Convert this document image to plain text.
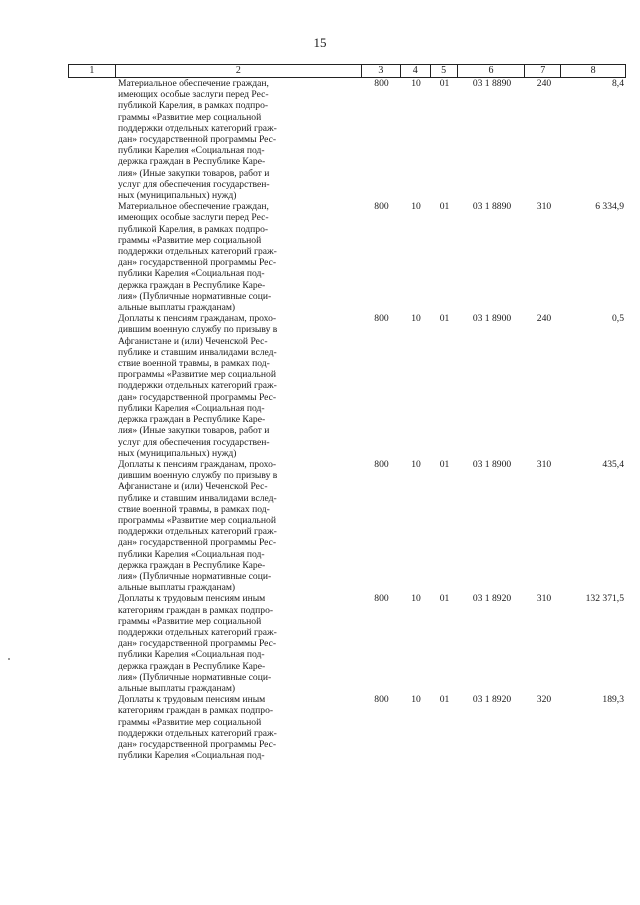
15
1	2	3	4	5	6	7	8
Материальное обеспечение граждан,
имеющих особые заслуги перед Рес-
публикой Карелия, в рамках подпро-
граммы «Развитие мер социальной
поддержки отдельных категорий граж-
дан» государственной программы Рес-
публики Карелия «Социальная под-
держка граждан в Республике Каре-
лия» (Иные закупки товаров, работ и
услуг для обеспечения государствен-
ных (муниципальных) нужд)
800	10	01	03 1 8890	240	8,4
Материальное обеспечение граждан,
имеющих особые заслуги перед Рес-
публикой Карелия, в рамках подпро-
граммы «Развитие мер социальной
поддержки отдельных категорий граж-
дан» государственной программы Рес-
публики Карелия «Социальная под-
держка граждан в Республике Каре-
лия» (Публичные нормативные соци-
альные выплаты гражданам)
800	10	01	03 1 8890	310	6 334,9
Доплаты к пенсиям гражданам, прохо-
дившим военную службу по призыву в
Афганистане и (или) Чеченской Рес-
публике и ставшим инвалидами вслед-
ствие военной травмы, в рамках под-
программы «Развитие мер социальной
поддержки отдельных категорий граж-
дан» государственной программы Рес-
публики Карелия «Социальная под-
держка граждан в Республике Каре-
лия» (Иные закупки товаров, работ и
услуг для обеспечения государствен-
ных (муниципальных) нужд)
800	10	01	03 1 8900	240	0,5
Доплаты к пенсиям гражданам, прохо-
дившим военную службу по призыву в
Афганистане и (или) Чеченской Рес-
публике и ставшим инвалидами вслед-
ствие военной травмы, в рамках под-
программы «Развитие мер социальной
поддержки отдельных категорий граж-
дан» государственной программы Рес-
публики Карелия «Социальная под-
держка граждан в Республике Каре-
лия» (Публичные нормативные соци-
альные выплаты гражданам)
800	10	01	03 1 8900	310	435,4
Доплаты к трудовым пенсиям иным
категориям граждан в рамках подпро-
граммы «Развитие мер социальной
поддержки отдельных категорий граж-
дан» государственной программы Рес-
публики Карелия «Социальная под-
держка граждан в Республике Каре-
лия» (Публичные нормативные соци-
альные выплаты гражданам)
800	10	01	03 1 8920	310	132 371,5
Доплаты к трудовым пенсиям иным
категориям граждан в рамках подпро-
граммы «Развитие мер социальной
поддержки отдельных категорий граж-
дан» государственной программы Рес-
публики Карелия «Социальная под-
800	10	01	03 1 8920	320	189,3
